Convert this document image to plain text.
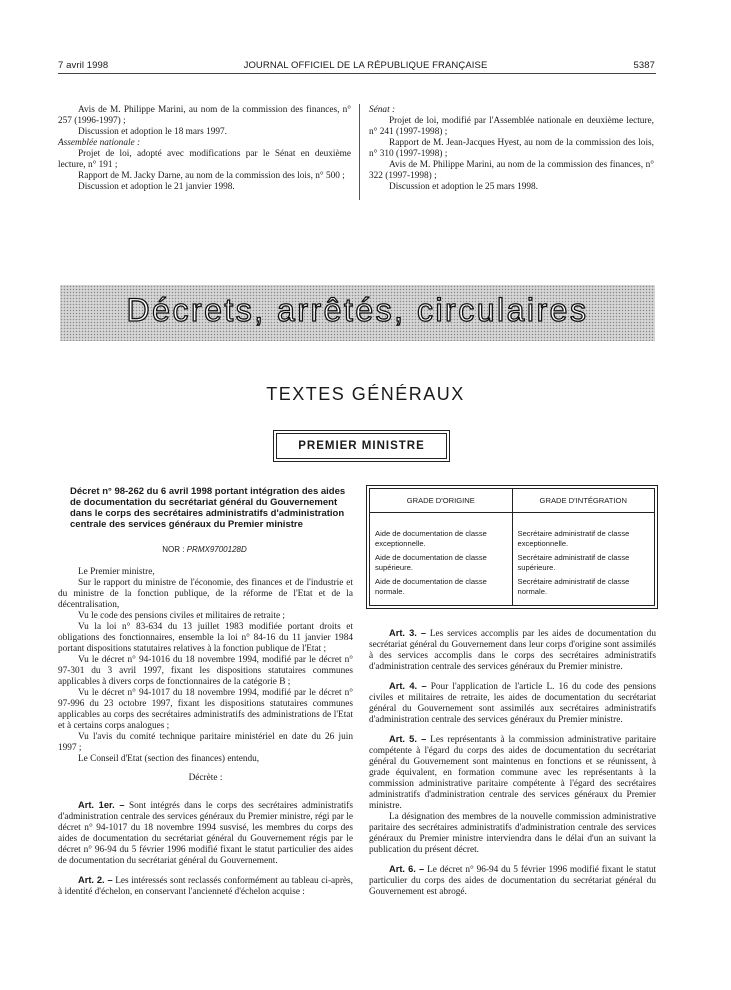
7 avril 1998	JOURNAL OFFICIEL DE LA RÉPUBLIQUE FRANÇAISE	5387
Avis de M. Philippe Marini, au nom de la commission des finances, n° 257 (1996-1997) ;
Discussion et adoption le 18 mars 1997.
Assemblée nationale :
Projet de loi, adopté avec modifications par le Sénat en deuxième lecture, n° 191 ;
Rapport de M. Jacky Darne, au nom de la commission des lois, n° 500 ;
Discussion et adoption le 21 janvier 1998.
Sénat :
Projet de loi, modifié par l'Assemblée nationale en deuxième lecture, n° 241 (1997-1998) ;
Rapport de M. Jean-Jacques Hyest, au nom de la commission des lois, n° 310 (1997-1998) ;
Avis de M. Philippe Marini, au nom de la commission des finances, n° 322 (1997-1998) ;
Discussion et adoption le 25 mars 1998.
Décrets, arrêtés, circulaires
TEXTES GÉNÉRAUX
PREMIER MINISTRE
Décret n° 98-262 du 6 avril 1998 portant intégration des aides de documentation du secrétariat général du Gouvernement dans le corps des secrétaires administratifs d'administration centrale des services généraux du Premier ministre
NOR : PRMX9700128D
Le Premier ministre,
Sur le rapport du ministre de l'économie, des finances et de l'industrie et du ministre de la fonction publique, de la réforme de l'Etat et de la décentralisation,
Vu le code des pensions civiles et militaires de retraite ;
Vu la loi n° 83-634 du 13 juillet 1983 modifiée portant droits et obligations des fonctionnaires, ensemble la loi n° 84-16 du 11 janvier 1984 portant dispositions statutaires relatives à la fonction publique de l'Etat ;
Vu le décret n° 94-1016 du 18 novembre 1994, modifié par le décret n° 97-301 du 3 avril 1997, fixant les dispositions statutaires communes applicables à divers corps de fonctionnaires de la catégorie B ;
Vu le décret n° 94-1017 du 18 novembre 1994, modifié par le décret n° 97-996 du 23 octobre 1997, fixant les dispositions statutaires communes applicables au corps des secrétaires administratifs des administrations de l'Etat et à certains corps analogues ;
Vu l'avis du comité technique paritaire ministériel en date du 26 juin 1997 ;
Le Conseil d'Etat (section des finances) entendu,
Décrète :
Art. 1er. – Sont intégrés dans le corps des secrétaires administratifs d'administration centrale des services généraux du Premier ministre, régi par le décret n° 94-1017 du 18 novembre 1994 susvisé, les membres du corps des aides de documentation du secrétariat général du Gouvernement régis par le décret n° 96-94 du 5 février 1996 modifié fixant le statut particulier des aides de documentation du secrétariat général du Gouvernement.
Art. 2. – Les intéressés sont reclassés conformément au tableau ci-après, à identité d'échelon, en conservant l'ancienneté d'échelon acquise :
GRADE D'ORIGINE	GRADE D'INTÉGRATION
Aide de documentation de classe exceptionnelle.	Secrétaire administratif de classe exceptionnelle.
Aide de documentation de classe supérieure.	Secrétaire administratif de classe supérieure.
Aide de documentation de classe normale.	Secrétaire administratif de classe normale.
Art. 3. – Les services accomplis par les aides de documentation du secrétariat général du Gouvernement dans leur corps d'origine sont assimilés à des services accomplis dans le corps des secrétaires administratifs d'administration centrale des services généraux du Premier ministre.
Art. 4. – Pour l'application de l'article L. 16 du code des pensions civiles et militaires de retraite, les aides de documentation du secrétariat général du Gouvernement sont assimilés aux secrétaires administratifs d'administration centrale des services généraux du Premier ministre.
Art. 5. – Les représentants à la commission administrative paritaire compétente à l'égard du corps des aides de documentation du secrétariat général du Gouvernement sont maintenus en fonctions et se réunissent, à grade équivalent, en formation commune avec les représentants à la commission administrative paritaire compétente à l'égard des secrétaires administratifs d'administration centrale des services généraux du Premier ministre.
La désignation des membres de la nouvelle commission administrative paritaire des secrétaires administratifs d'administration centrale des services généraux du Premier ministre interviendra dans le délai d'un an suivant la publication du présent décret.
Art. 6. – Le décret n° 96-94 du 5 février 1996 modifié fixant le statut particulier du corps des aides de documentation du secrétariat général du Gouvernement est abrogé.
